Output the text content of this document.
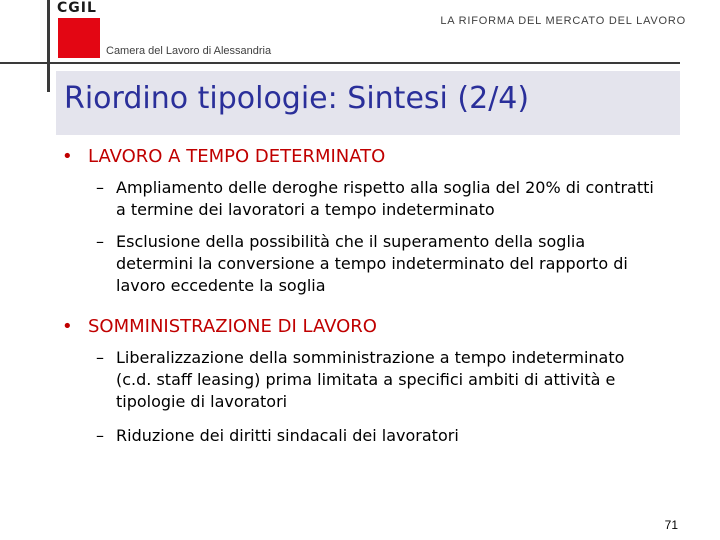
CGIL
Camera del Lavoro di Alessandria
LA RIFORMA DEL MERCATO DEL LAVORO
Riordino tipologie: Sintesi (2/4)
• LAVORO A TEMPO DETERMINATO
– Ampliamento delle deroghe rispetto alla soglia del 20% di contratti a termine dei lavoratori a tempo indeterminato
– Esclusione della possibilità che il superamento della soglia determini la conversione a tempo indeterminato del rapporto di lavoro eccedente la soglia
• SOMMINISTRAZIONE DI LAVORO
– Liberalizzazione della somministrazione a tempo indeterminato (c.d. staff leasing) prima limitata a specifici ambiti di attività e tipologie di lavoratori
– Riduzione dei diritti sindacali dei lavoratori
71
